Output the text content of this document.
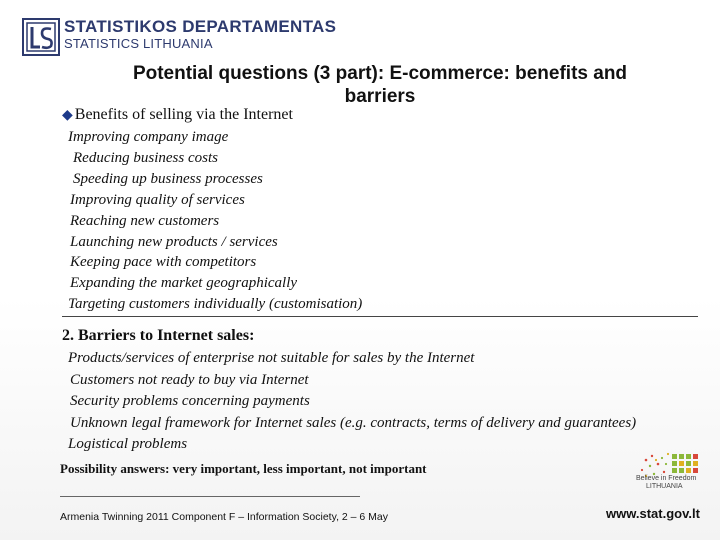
STATISTIKOS DEPARTAMENTAS
STATISTICS LITHUANIA
Potential questions (3 part): E-commerce: benefits and
barriers
◆ Benefits of selling via the Internet
Improving company image
Reducing business costs
Speeding up business processes
Improving quality of services
Reaching new customers
Launching new products / services
Keeping pace with competitors
Expanding the market geographically
Targeting customers individually (customisation)
2. Barriers to Internet sales:
Products/services of enterprise not suitable for sales by the Internet
Customers not ready to buy via Internet
Security problems concerning payments
Unknown legal framework for Internet sales (e.g. contracts, terms of delivery and guarantees)
Logistical problems
Possibility answers: very important, less important, not important
Believe in Freedom
LITHUANIA
Armenia Twinning 2011 Component F – Information Society, 2 – 6 May	www.stat.gov.lt
